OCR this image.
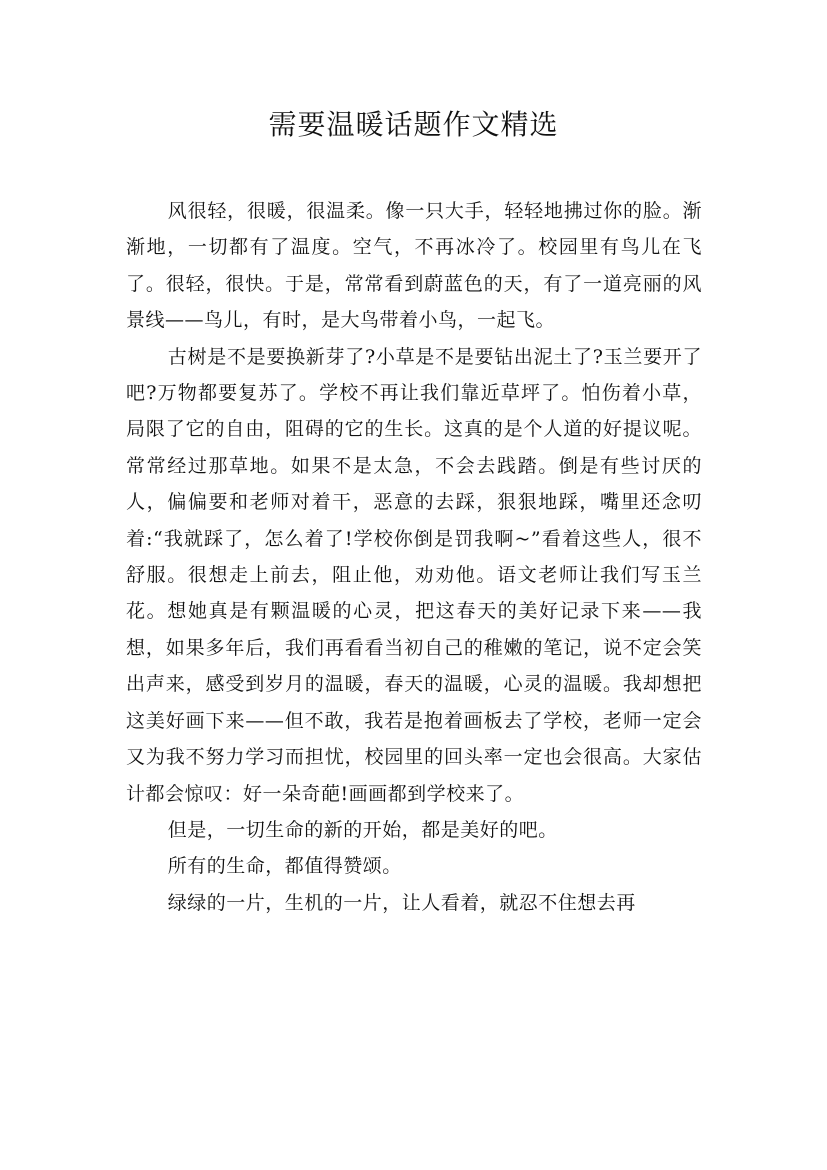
需要温暖话题作文精选

风很轻，很暖，很温柔。像一只大手，轻轻地拂过你的脸。渐渐地，一切都有了温度。空气，不再冰冷了。校园里有鸟儿在飞了。很轻，很快。于是，常常看到蔚蓝色的天，有了一道亮丽的风景线——鸟儿，有时，是大鸟带着小鸟，一起飞。

古树是不是要换新芽了?小草是不是要钻出泥土了?玉兰要开了吧?万物都要复苏了。学校不再让我们靠近草坪了。怕伤着小草，局限了它的自由，阻碍的它的生长。这真的是个人道的好提议呢。常常经过那草地。如果不是太急，不会去践踏。倒是有些讨厌的人，偏偏要和老师对着干，恶意的去踩，狠狠地踩，嘴里还念叨着:“我就踩了，怎么着了!学校你倒是罚我啊~”看着这些人，很不舒服。很想走上前去，阻止他，劝劝他。语文老师让我们写玉兰花。想她真是有颗温暖的心灵，把这春天的美好记录下来——我想，如果多年后，我们再看看当初自己的稚嫩的笔记，说不定会笑出声来，感受到岁月的温暖，春天的温暖，心灵的温暖。我却想把这美好画下来——但不敢，我若是抱着画板去了学校，老师一定会又为我不努力学习而担忧，校园里的回头率一定也会很高。大家估计都会惊叹：好一朵奇葩!画画都到学校来了。

但是，一切生命的新的开始，都是美好的吧。

所有的生命，都值得赞颂。

绿绿的一片，生机的一片，让人看着，就忍不住想去再
